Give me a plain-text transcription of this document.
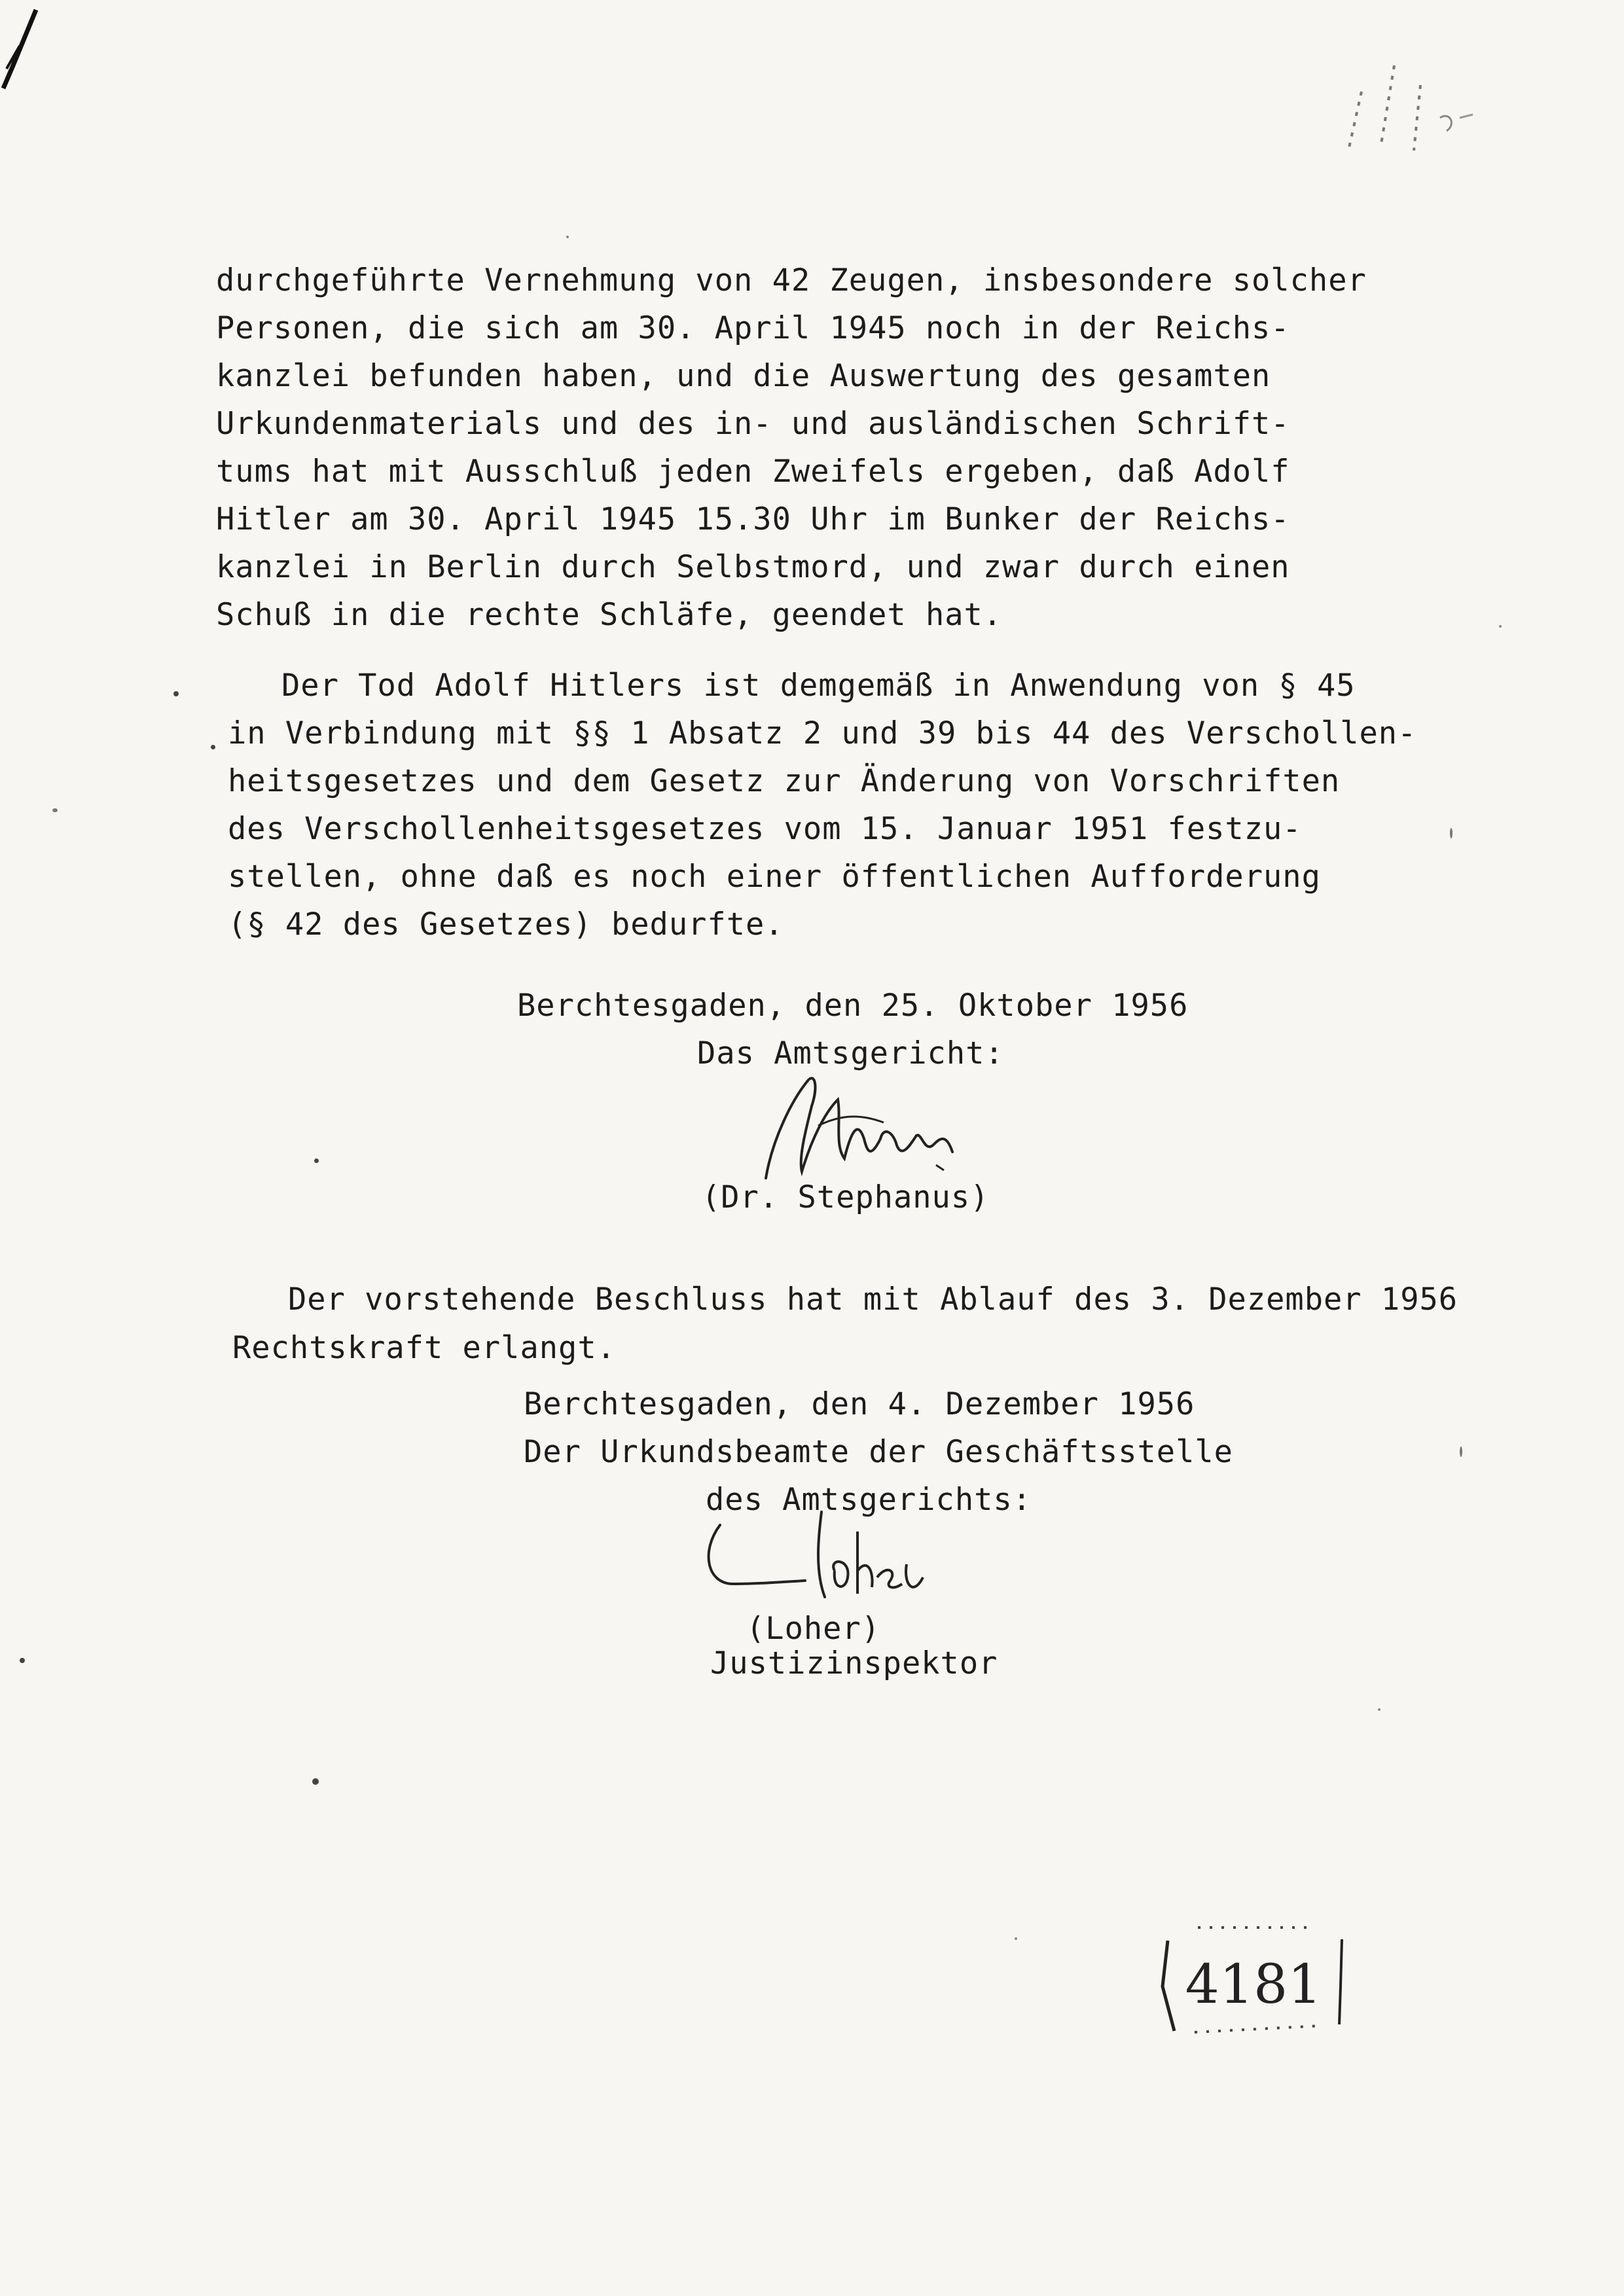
durchgeführte Vernehmung von 42 Zeugen, insbesondere solcher
Personen, die sich am 30. April 1945 noch in der Reichs-
kanzlei befunden haben, und die Auswertung des gesamten
Urkundenmaterials und des in- und ausländischen Schrift-
tums hat mit Ausschluß jeden Zweifels ergeben, daß Adolf
Hitler am 30. April 1945 15.30 Uhr im Bunker der Reichs-
kanzlei in Berlin durch Selbstmord, und zwar durch einen
Schuß in die rechte Schläfe, geendet hat.
Der Tod Adolf Hitlers ist demgemäß in Anwendung von § 45
in Verbindung mit §§ 1 Absatz 2 und 39 bis 44 des Verschollen-
heitsgesetzes und dem Gesetz zur Änderung von Vorschriften
des Verschollenheitsgesetzes vom 15. Januar 1951 festzu-
stellen, ohne daß es noch einer öffentlichen Aufforderung
(§ 42 des Gesetzes) bedurfte.
Berchtesgaden, den 25. Oktober 1956
Das Amtsgericht:
(Dr. Stephanus)
Der vorstehende Beschluss hat mit Ablauf des 3. Dezember 1956
Rechtskraft erlangt.
Berchtesgaden, den 4. Dezember 1956
Der Urkundsbeamte der Geschäftsstelle
des Amtsgerichts:
(Loher)
Justizinspektor
4181
